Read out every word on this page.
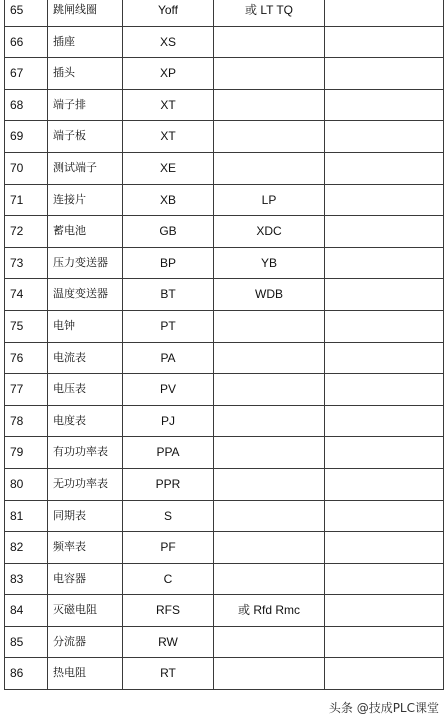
65	跳闸线圈	Yoff	或 LT TQ	
66	插座	XS		
67	插头	XP		
68	端子排	XT		
69	端子板	XT		
70	测试端子	XE		
71	连接片	XB	LP	
72	蓄电池	GB	XDC	
73	压力变送器	BP	YB	
74	温度变送器	BT	WDB	
75	电钟	PT		
76	电流表	PA		
77	电压表	PV		
78	电度表	PJ		
79	有功功率表	PPA		
80	无功功率表	PPR		
81	同期表	S		
82	频率表	PF		
83	电容器	C		
84	灭磁电阻	RFS	或 Rfd Rmc	
85	分流器	RW		
86	热电阻	RT		
头条 @技成PLC课堂
